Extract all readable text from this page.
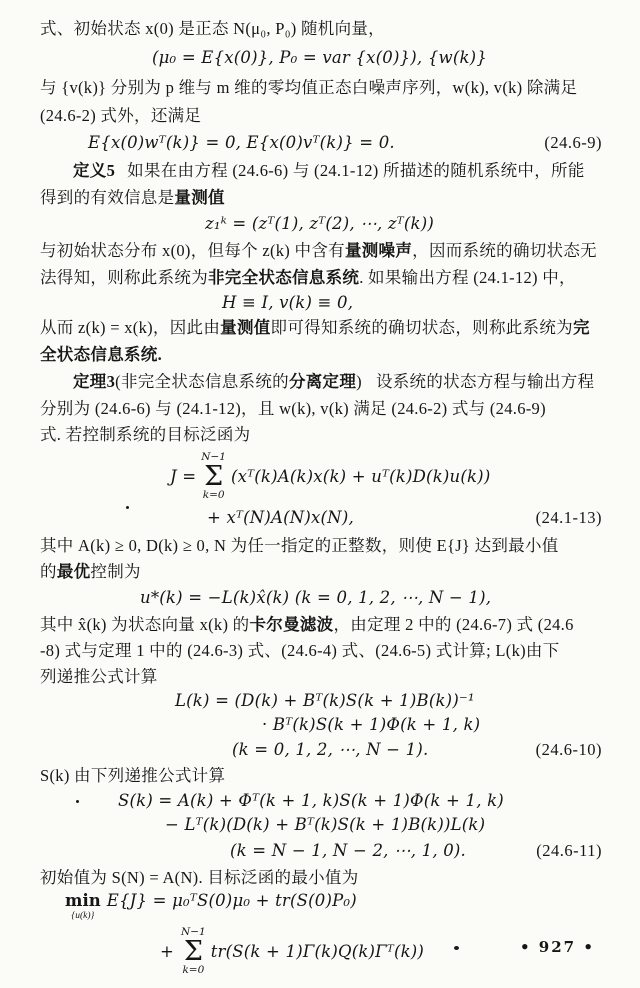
式、初始状态 x(0) 是正态 N(μ₀, P₀) 随机向量，
(μ₀ = E{x(0)}, P₀ = var {x(0)}), {w(k)}
与 {v(k)} 分别为 p 维与 m 维的零均值正态白噪声序列，w(k), v(k) 除满足
(24.6-2) 式外，还满足
E{x(0)wᵀ(k)} = 0, E{x(0)vᵀ(k)} = 0.	(24.6-9)
定义5 如果在由方程 (24.6-6) 与 (24.1-12) 所描述的随机系统中，所能
得到的有效信息是量测值
z₁ᵏ = (zᵀ(1), zᵀ(2), ⋯, zᵀ(k))
与初始状态分布 x(0)，但每个 z(k) 中含有量测噪声，因而系统的确切状态无
法得知，则称此系统为非完全状态信息系统. 如果输出方程 (24.1-12) 中，
H ≡ I, v(k) ≡ 0,
从而 z(k) = x(k)，因此由量测值即可得知系统的确切状态，则称此系统为完
全状态信息系统.
定理3(非完全状态信息系统的分离定理) 设系统的状态方程与输出方程
分别为 (24.6-6) 与 (24.1-12)，且 w(k), v(k) 满足 (24.6-2) 式与 (24.6-9)
式. 若控制系统的目标泛函为
J =
N−1
Σ
k=0
(xᵀ(k)A(k)x(k) + uᵀ(k)D(k)u(k))
+ xᵀ(N)A(N)x(N),	(24.1-13)
其中 A(k) ≥ 0, D(k) ≥ 0, N 为任一指定的正整数，则使 E{J} 达到最小值
的最优控制为
u*(k) = −L(k)x̂(k) (k = 0, 1, 2, ⋯, N − 1),
其中 x̂(k) 为状态向量 x(k) 的卡尔曼滤波，由定理 2 中的 (24.6-7) 式 (24.6
-8) 式与定理 1 中的 (24.6-3) 式、(24.6-4) 式、(24.6-5) 式计算; L(k)由下
列递推公式计算
L(k) = (D(k) + Bᵀ(k)S(k + 1)B(k))⁻¹
· Bᵀ(k)S(k + 1)Φ(k + 1, k)
(k = 0, 1, 2, ⋯, N − 1).	(24.6-10)
S(k) 由下列递推公式计算
S(k) = A(k) + Φᵀ(k + 1, k)S(k + 1)Φ(k + 1, k)
− Lᵀ(k)(D(k) + Bᵀ(k)S(k + 1)B(k))L(k)
(k = N − 1, N − 2, ⋯, 1, 0).	(24.6-11)
初始值为 S(N) = A(N). 目标泛函的最小值为
min
{u(k)}
E{J} = μ₀ᵀS(0)μ₀ + tr(S(0)P₀)
+
N−1
Σ
k=0
tr(S(k + 1)Γ(k)Q(k)Γᵀ(k))	• 927 •
